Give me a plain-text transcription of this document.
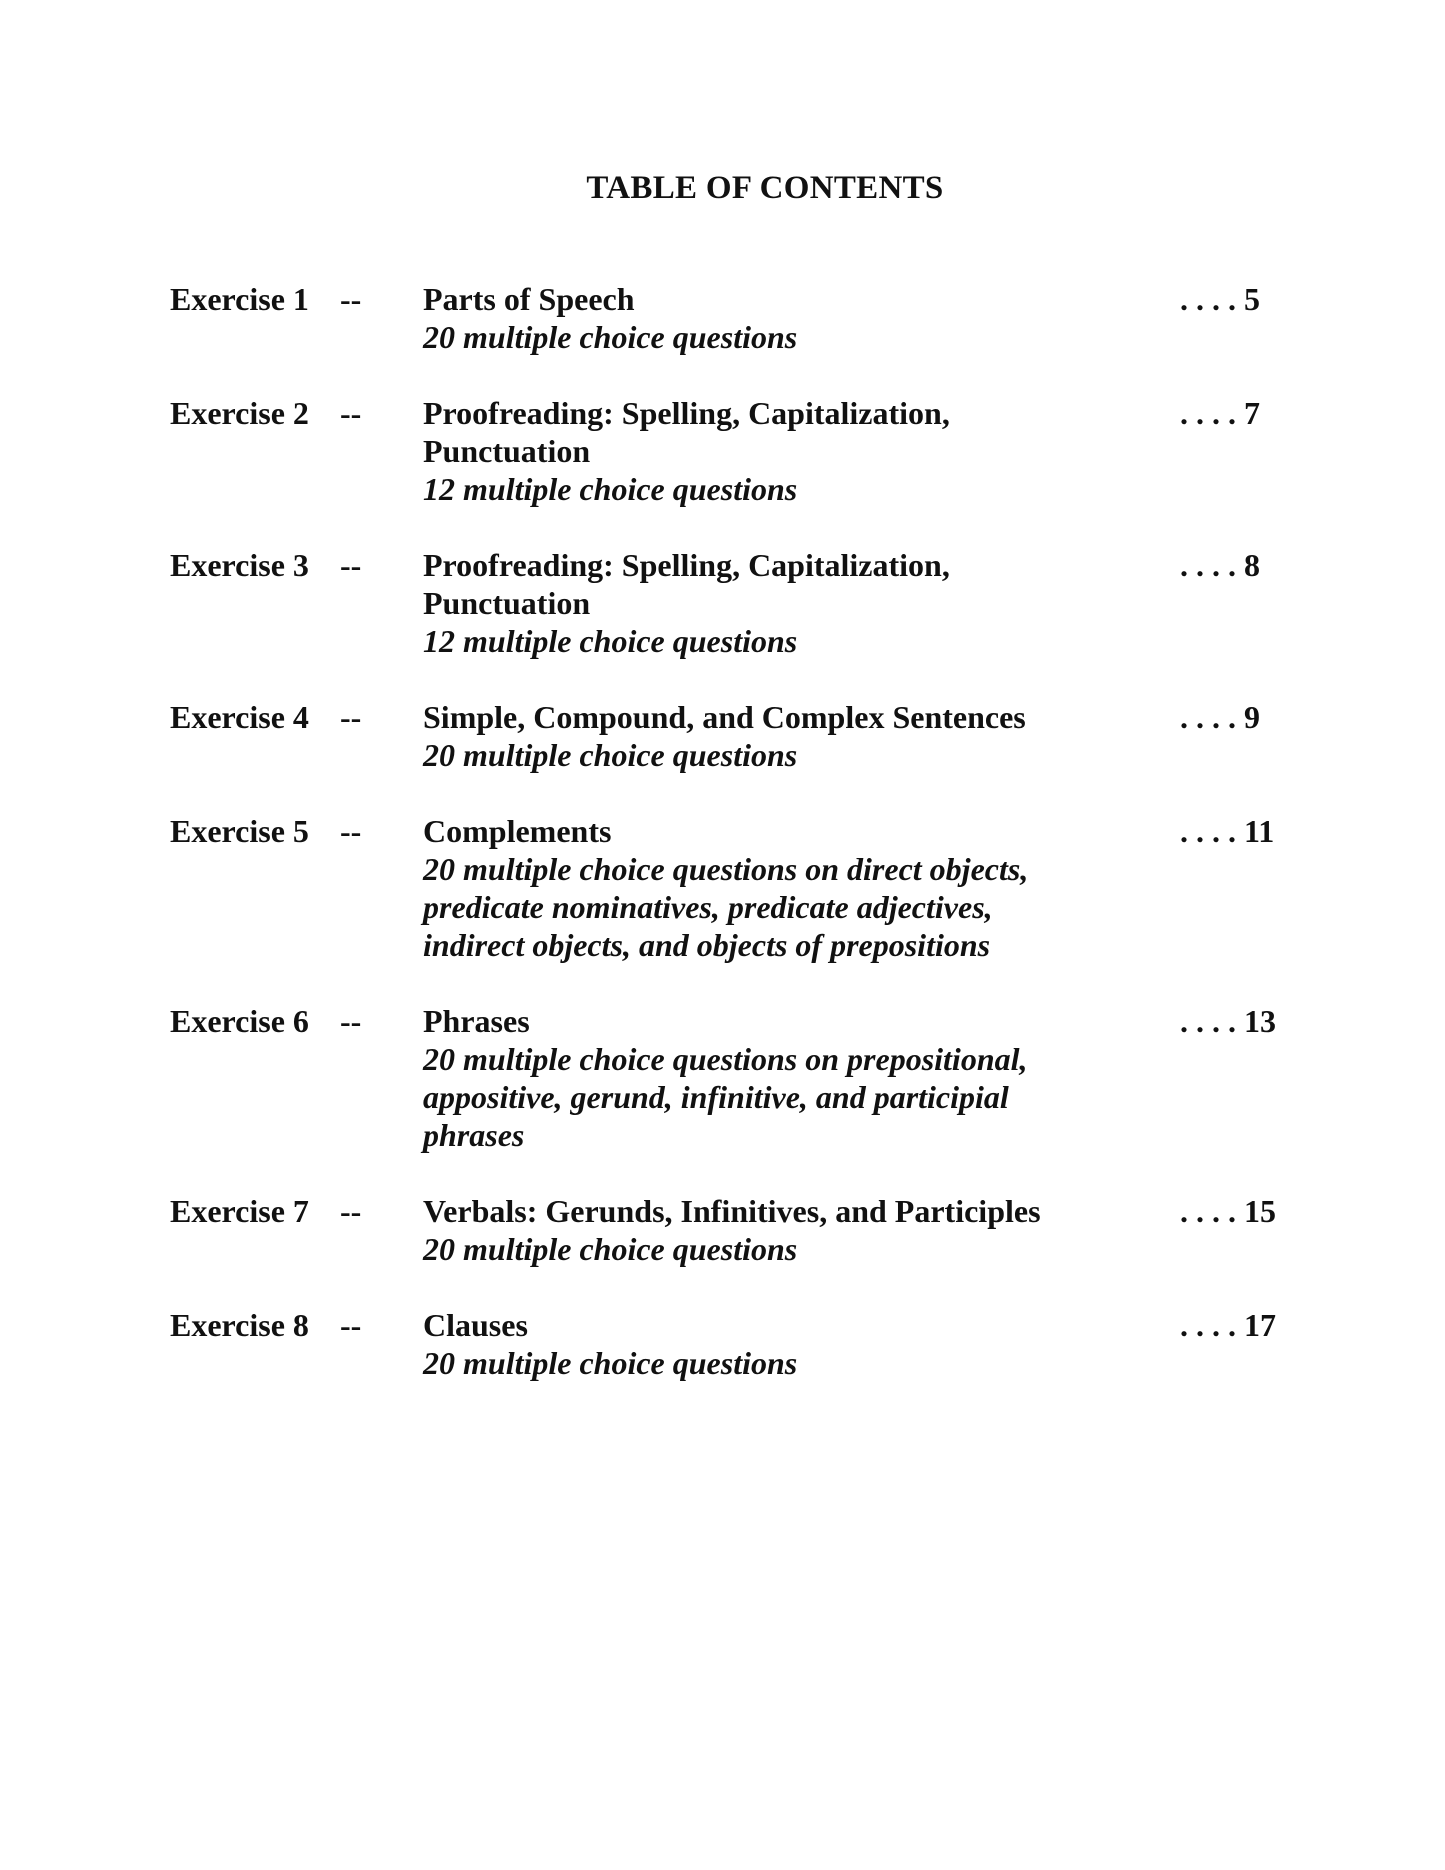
TABLE OF CONTENTS
Exercise 1 -- Parts of Speech
20 multiple choice questions
. . . . 5
Exercise 2 -- Proofreading: Spelling, Capitalization, Punctuation
12 multiple choice questions
. . . . 7
Exercise 3 -- Proofreading: Spelling, Capitalization, Punctuation
12 multiple choice questions
. . . . 8
Exercise 4 -- Simple, Compound, and Complex Sentences
20 multiple choice questions
. . . . 9
Exercise 5 -- Complements
20 multiple choice questions on direct objects, predicate nominatives, predicate adjectives, indirect objects, and objects of prepositions
. . . . 11
Exercise 6 -- Phrases
20 multiple choice questions on prepositional, appositive, gerund, infinitive, and participial phrases
. . . . 13
Exercise 7 -- Verbals: Gerunds, Infinitives, and Participles
20 multiple choice questions
. . . . 15
Exercise 8 -- Clauses
20 multiple choice questions
. . . . 17
